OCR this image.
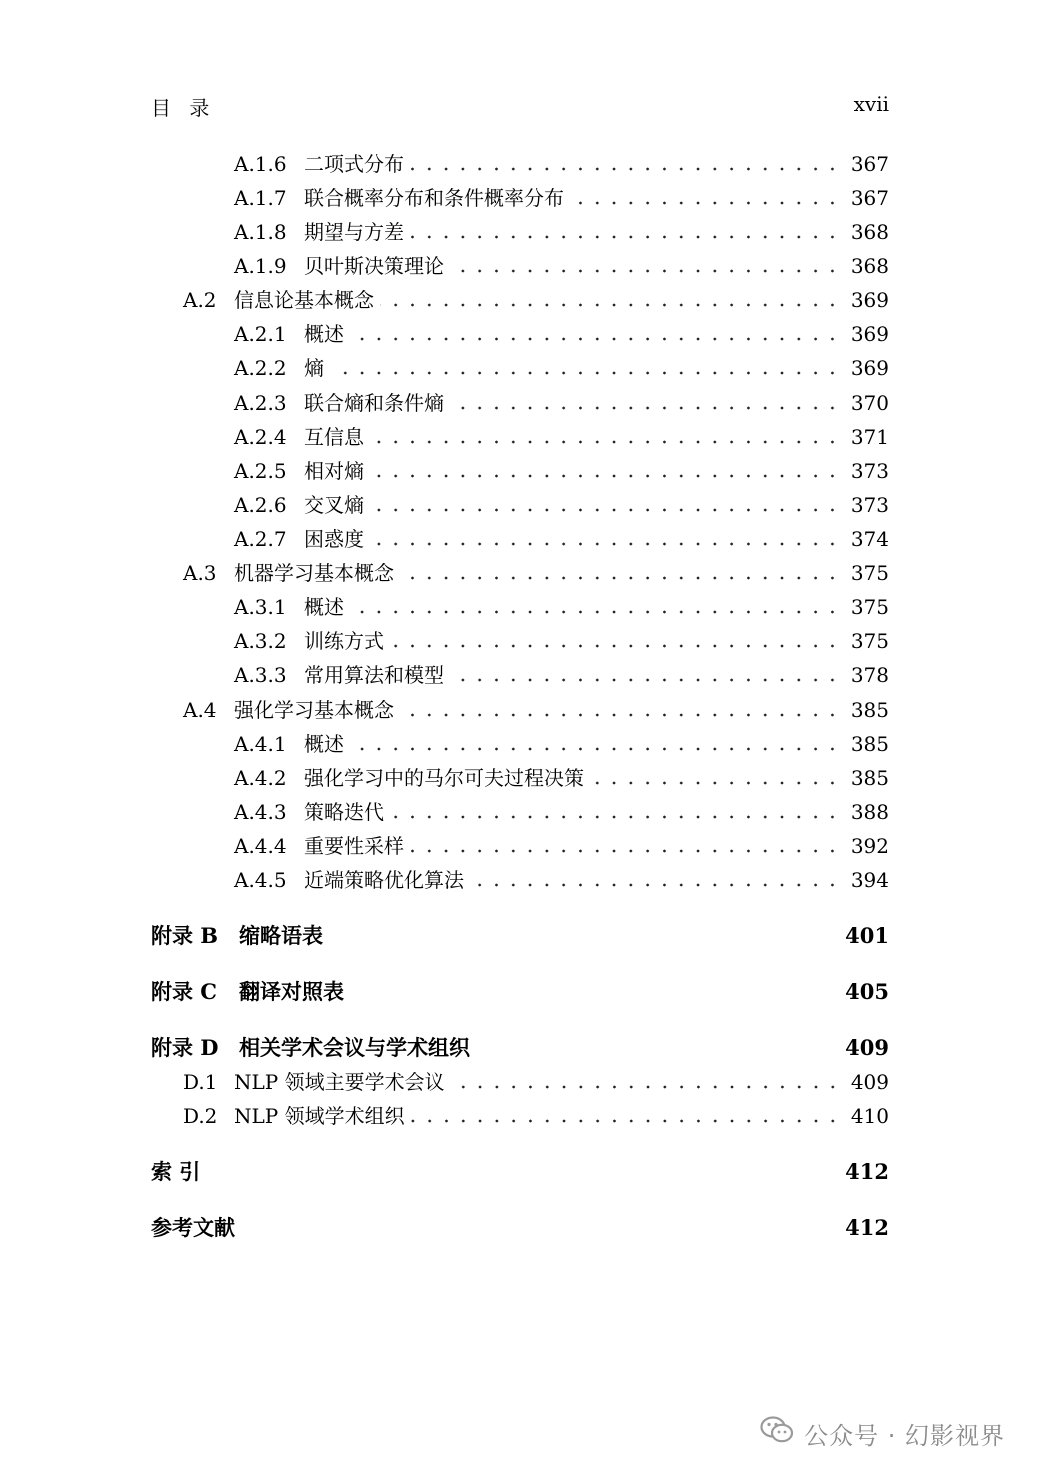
目 录	xvii
A.1.6 二项式分布	367
A.1.7 联合概率分布和条件概率分布	367
A.1.8 期望与方差	368
A.1.9 贝叶斯决策理论	368
A.2 信息论基本概念	369
A.2.1 概述	369
A.2.2 熵	369
A.2.3 联合熵和条件熵	370
A.2.4 互信息	371
A.2.5 相对熵	373
A.2.6 交叉熵	373
A.2.7 困惑度	374
A.3 机器学习基本概念	375
A.3.1 概述	375
A.3.2 训练方式	375
A.3.3 常用算法和模型	378
A.4 强化学习基本概念	385
A.4.1 概述	385
A.4.2 强化学习中的马尔可夫过程决策	385
A.4.3 策略迭代	388
A.4.4 重要性采样	392
A.4.5 近端策略优化算法	394
附录 B 缩略语表	401
附录 C	翻译对照表	405
附录 D 相关学术会议与学术组织	409
D.1 NLP 领域主要学术会议	409
D.2 NLP 领域学术组织	410
索 引	412
参考文献	412
公众号 · 幻影视界
